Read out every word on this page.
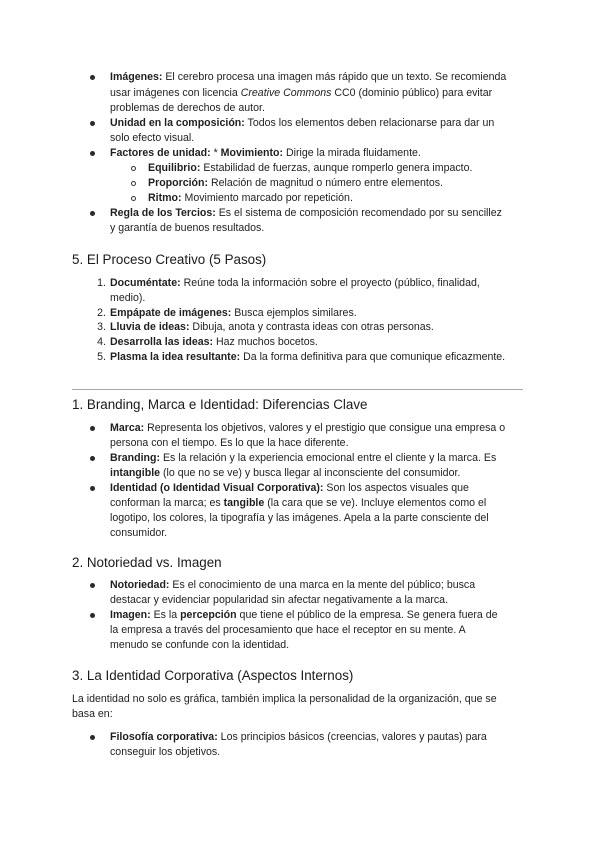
Imágenes: El cerebro procesa una imagen más rápido que un texto. Se recomienda
usar imágenes con licencia Creative Commons CC0 (dominio público) para evitar
problemas de derechos de autor.
Unidad en la composición: Todos los elementos deben relacionarse para dar un
solo efecto visual.
Factores de unidad: * Movimiento: Dirige la mirada fluidamente.
Equilibrio: Estabilidad de fuerzas, aunque romperlo genera impacto.
Proporción: Relación de magnitud o número entre elementos.
Ritmo: Movimiento marcado por repetición.
Regla de los Tercios: Es el sistema de composición recomendado por su sencillez
y garantía de buenos resultados.
5. El Proceso Creativo (5 Pasos)
1. Documéntate: Reúne toda la información sobre el proyecto (público, finalidad,
medio).
2. Empápate de imágenes: Busca ejemplos similares.
3. Lluvia de ideas: Dibuja, anota y contrasta ideas con otras personas.
4. Desarrolla las ideas: Haz muchos bocetos.
5. Plasma la idea resultante: Da la forma definitiva para que comunique eficazmente.
1. Branding, Marca e Identidad: Diferencias Clave
Marca: Representa los objetivos, valores y el prestigio que consigue una empresa o
persona con el tiempo. Es lo que la hace diferente.
Branding: Es la relación y la experiencia emocional entre el cliente y la marca. Es
intangible (lo que no se ve) y busca llegar al inconsciente del consumidor.
Identidad (o Identidad Visual Corporativa): Son los aspectos visuales que
conforman la marca; es tangible (la cara que se ve). Incluye elementos como el
logotipo, los colores, la tipografía y las imágenes. Apela a la parte consciente del
consumidor.
2. Notoriedad vs. Imagen
Notoriedad: Es el conocimiento de una marca en la mente del público; busca
destacar y evidenciar popularidad sin afectar negativamente a la marca.
Imagen: Es la percepción que tiene el público de la empresa. Se genera fuera de
la empresa a través del procesamiento que hace el receptor en su mente. A
menudo se confunde con la identidad.
3. La Identidad Corporativa (Aspectos Internos)
La identidad no solo es gráfica, también implica la personalidad de la organización, que se
basa en:
Filosofía corporativa: Los principios básicos (creencias, valores y pautas) para
conseguir los objetivos.
